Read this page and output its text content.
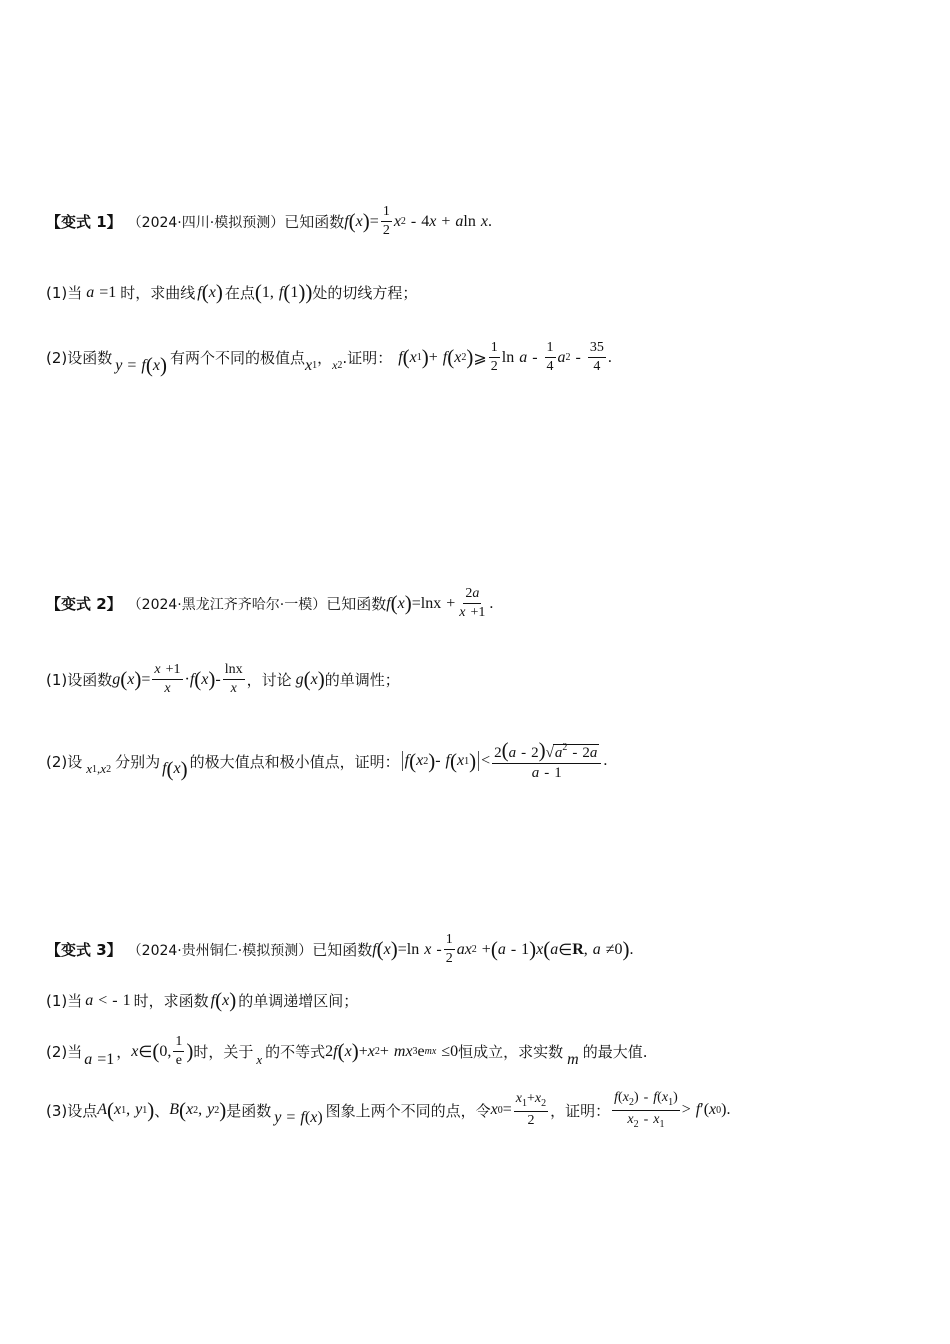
【变式 1】 （2024·四川·模拟预测） 已知函数 f ( x ) = $\frac{1}{2}$ x 2 - 4 x + a ln x .
(1)当 a =1 时，求曲线 f ( x ) 在点 ( 1, f ( 1 )) 处的切线方程；
(2)设函数 y = f ( x ) 有两个不同的极值点 x 1 ， x 2 .证明： f ( x 1 ) + f ( x 2 ) ⩾ $\frac{1}{2}$ ln a - $\frac{1}{4}$ a $2 - \frac{35}{4}$ .
【变式 2】 （2024·黑龙江齐齐哈尔·一模） 已知函数 f ( x ) $=\ln x + \frac{2a}{x +1}$ .
(1)设函数 g ( x ) = $\frac{x +1}{x} \cdot f$ ( x ) - $\frac{\ln x}{x}$ ，讨论 g ( x ) 的单调性；
(2)设 x 1 , x 2 分别为 f ( x ) 的极大值点和极小值点，证明： f ( x 2 ) - f ( x 1 ) < $\frac{2(a - 2)√a^2 - 2a}{a - 1}$ .
【变式 3】 （2024·贵州铜仁·模拟预测） 已知函数 f ( x ) =ln x - $\frac{1}{2}$ ax 2 + ( a - 1 ) x ( a ∈ R , a ≠0 ) .
(1)当 a < - 1 时，求函数 f ( x ) 的单调递增区间；
(2)当 a =1 ， x ∈ ( 0, $\frac{1}{e}$ ) 时，关于 x 的不等式 2 f ( x ) + x 2 + mx 3 e mx ≤0 恒成立，求实数 m 的最大值.
(3)设点 A ( x 1 , y 1 ) 、 B ( x 2 , y 2 ) 是函数 y = f ( x ) 图象上两个不同的点，令 x $0 = \frac{x_1+x_2}{2}$ ，证明： $\frac{f(x_2) - f(x_1)}{x_2 - x_1} > f$ ′( x 0 ).
